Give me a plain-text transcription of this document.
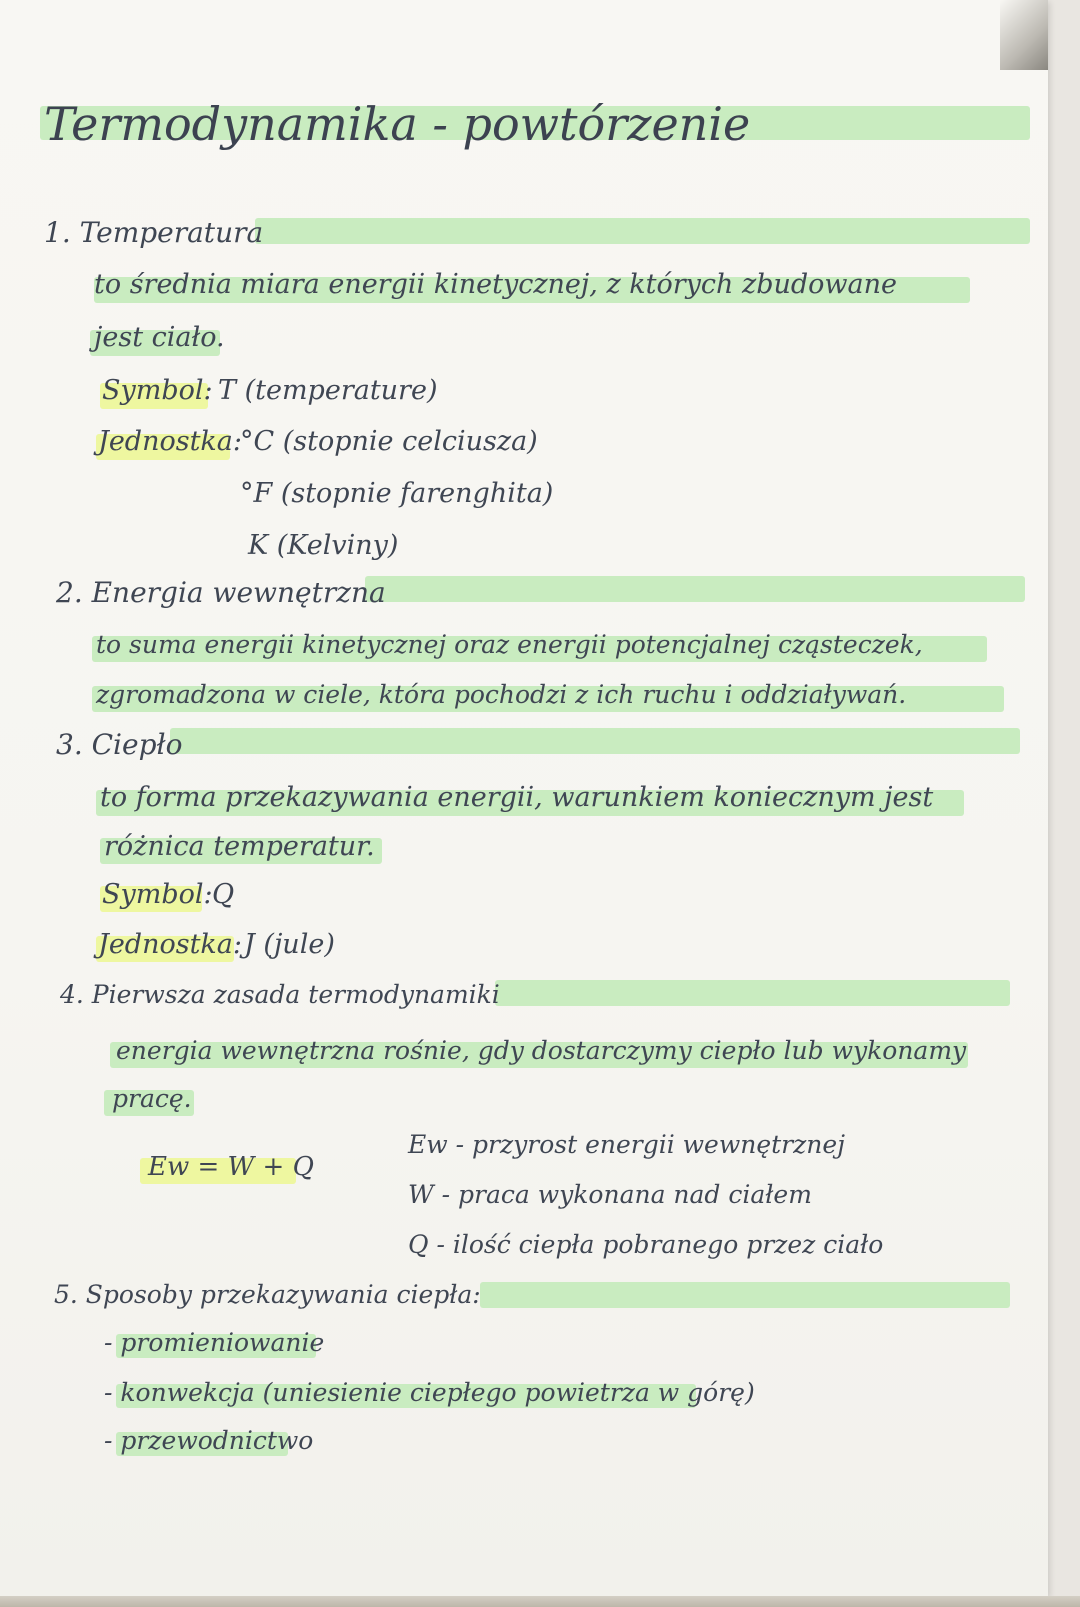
Termodynamika - powtórzenie
1. Temperatura
to średnia miara energii kinetycznej, z których zbudowane
jest ciało.
Symbol: T (temperature)
Jednostka:
°C (stopnie celciusza)
°F (stopnie farenghita)
K (Kelviny)
2. Energia wewnętrzna
to suma energii kinetycznej oraz energii potencjalnej cząsteczek,
zgromadzona w ciele, która pochodzi z ich ruchu i oddziaływań.
3. Ciepło
to forma przekazywania energii, warunkiem koniecznym jest
różnica temperatur.
Symbol: Q
Jednostka: J (jule)
4. Pierwsza zasada termodynamiki
energia wewnętrzna rośnie, gdy dostarczymy ciepło lub wykonamy
pracę.
Ew = W + Q
Ew - przyrost energii wewnętrznej
W - praca wykonana nad ciałem
Q - ilość ciepła pobranego przez ciało
5. Sposoby przekazywania ciepła:
- promieniowanie
- konwekcja (uniesienie ciepłego powietrza w górę)
- przewodnictwo
